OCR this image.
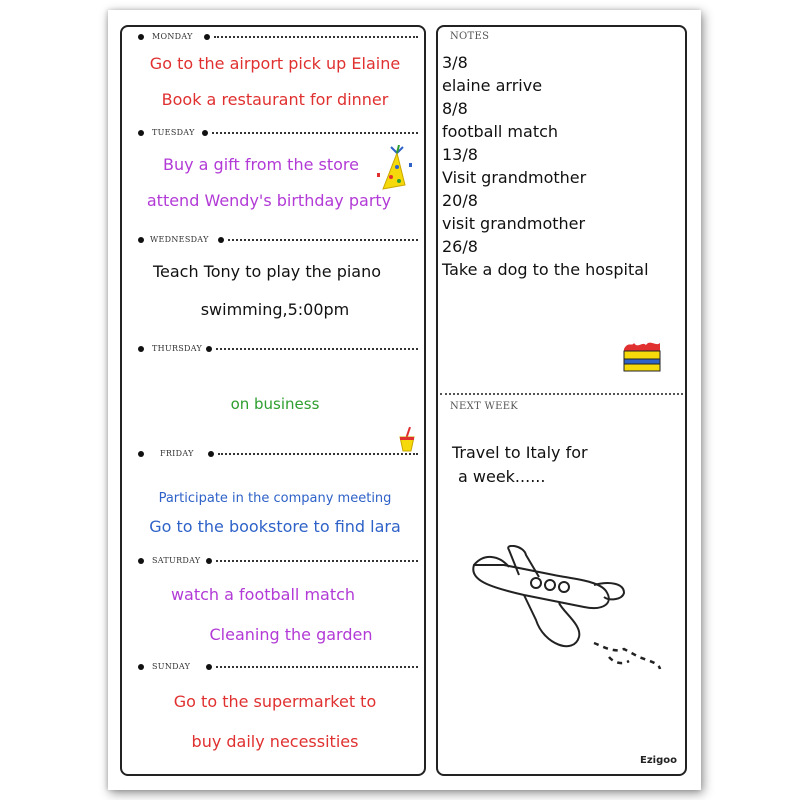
MONDAY
Go to the airport pick up Elaine
Book a restaurant for dinner
TUESDAY
Buy a gift from the store
attend Wendy's birthday party
WEDNESDAY
Teach Tony to play the piano
swimming,5:00pm
THURSDAY
on business
FRIDAY
Participate in the company meeting
Go to the bookstore to find lara
SATURDAY
watch a football match
Cleaning the garden
SUNDAY
Go to the supermarket to
buy daily necessities
NOTES
3/8
elaine arrive
8/8
football match
13/8
Visit grandmother
20/8
visit grandmother
26/8
Take a dog to the hospital
NEXT WEEK
Travel to Italy for
a week......
Ezigoo
